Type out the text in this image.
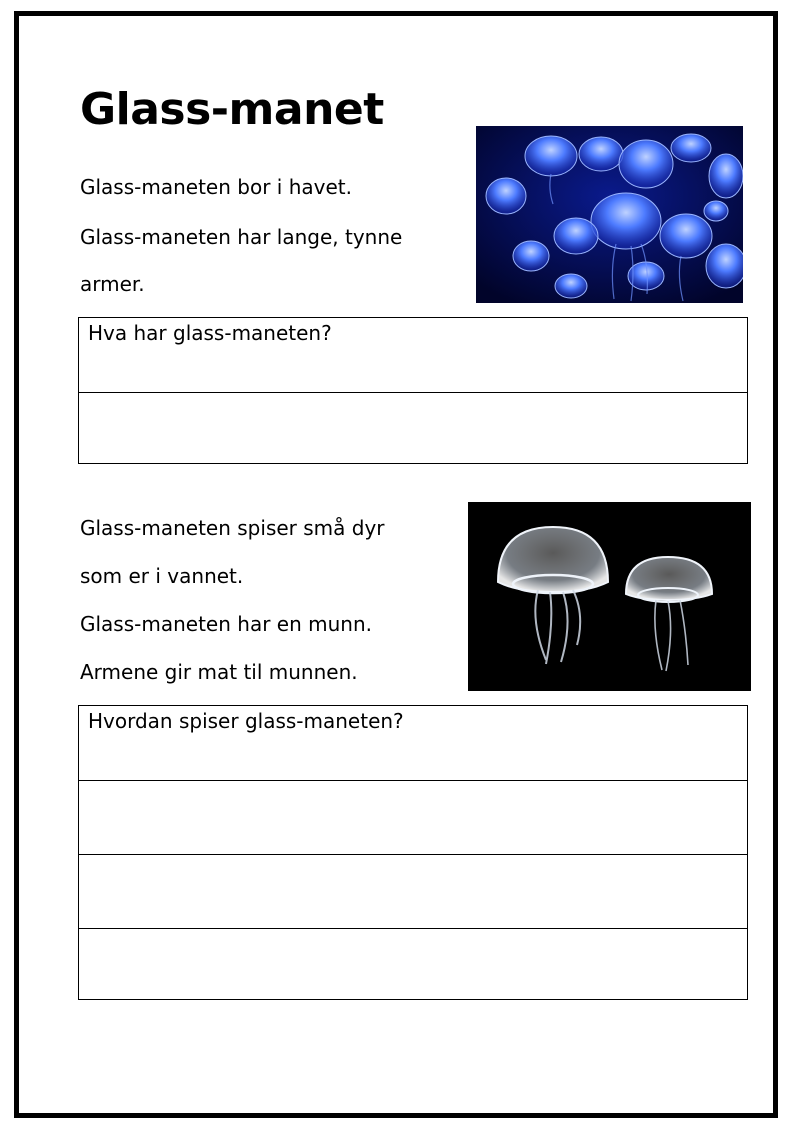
Glass-manet

Glass-maneten bor i havet.

Glass-maneten har lange, tynne

armer.

Hva har glass-maneten?

Glass-maneten spiser små dyr

som er i vannet.

Glass-maneten har en munn.

Armene gir mat til munnen.

Hvordan spiser glass-maneten?
